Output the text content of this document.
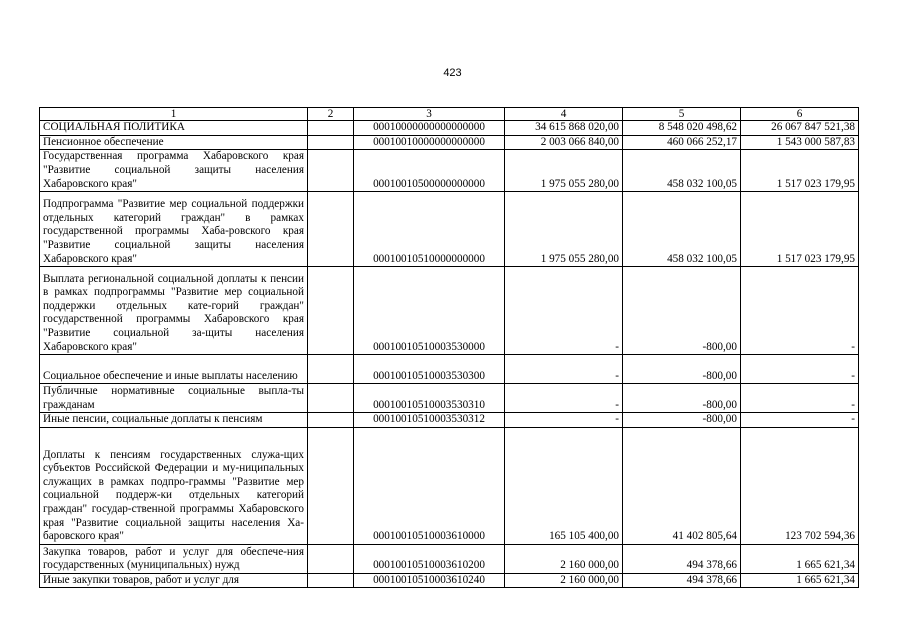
423
1	2	3	4	5	6
СОЦИАЛЬНАЯ ПОЛИТИКА		00010000000000000000	34 615 868 020,00	8 548 020 498,62	26 067 847 521,38
Пенсионное обеспечение		00010010000000000000	2 003 066 840,00	460 066 252,17	1 543 000 587,83
Государственная программа Хабаровского края "Развитие социальной защиты населения Хабаровского края"		00010010500000000000	1 975 055 280,00	458 032 100,05	1 517 023 179,95
Подпрограмма "Развитие мер социальной поддержки отдельных категорий граждан" в рамках государственной программы Хаба-ровского края "Развитие социальной защиты населения Хабаровского края"		00010010510000000000	1 975 055 280,00	458 032 100,05	1 517 023 179,95
Выплата региональной социальной доплаты к пенсии в рамках подпрограммы "Развитие мер социальной поддержки отдельных кате-горий граждан" государственной программы Хабаровского края "Развитие социальной за-щиты населения Хабаровского края"		00010010510003530000	-	-800,00	-
Социальное обеспечение и иные выплаты населению		00010010510003530300	-	-800,00	-
Публичные нормативные социальные выпла-ты гражданам		00010010510003530310	-	-800,00	-
Иные пенсии, социальные доплаты к пенсиям		00010010510003530312	-	-800,00	-
Доплаты к пенсиям государственных служа-щих субъектов Российской Федерации и му-ниципальных служащих в рамках подпро-граммы "Развитие мер социальной поддерж-ки отдельных категорий граждан" государ-ственной программы Хабаровского края "Развитие социальной защиты населения Ха-баровского края"		00010010510003610000	165 105 400,00	41 402 805,64	123 702 594,36
Закупка товаров, работ и услуг для обеспече-ния государственных (муниципальных) нужд		00010010510003610200	2 160 000,00	494 378,66	1 665 621,34
Иные закупки товаров, работ и услуг для		00010010510003610240	2 160 000,00	494 378,66	1 665 621,34
